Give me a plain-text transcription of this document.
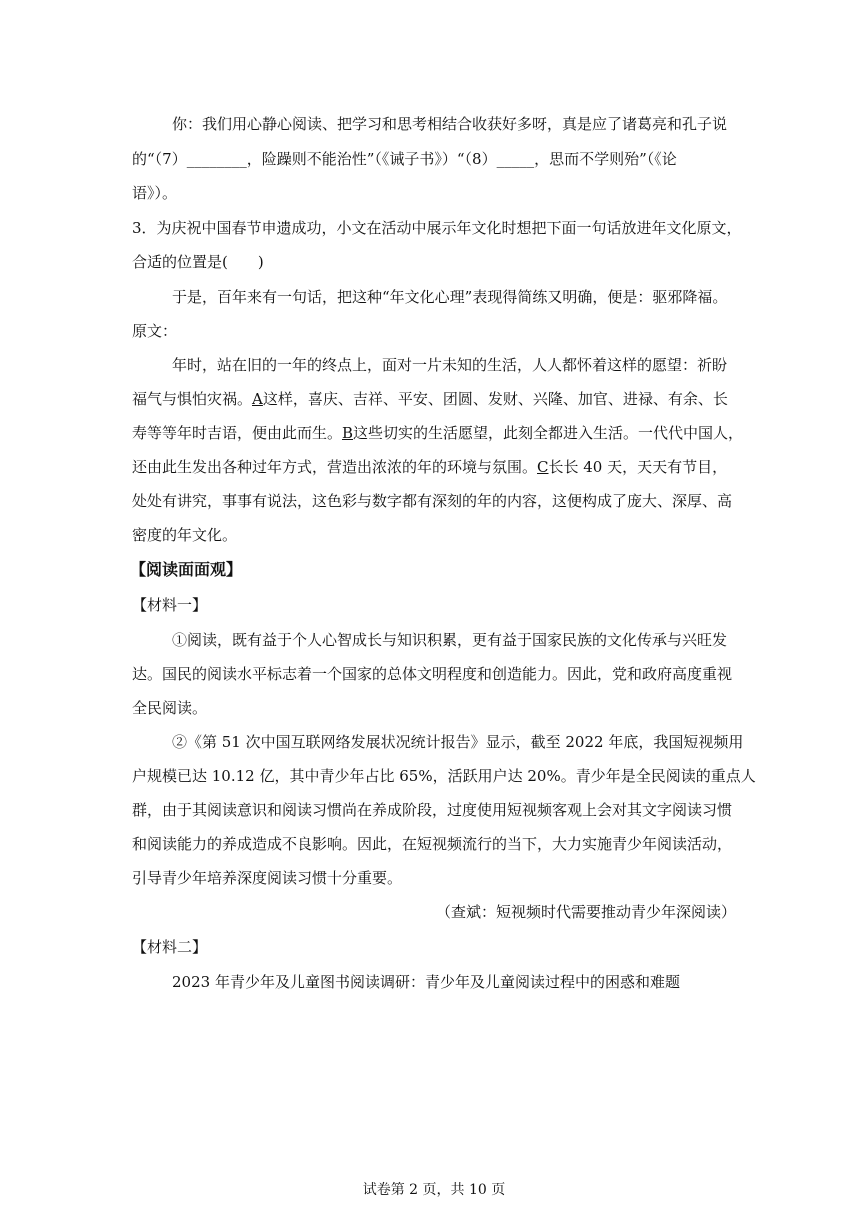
你：我们用心静心阅读、把学习和思考相结合收获好多呀，真是应了诸葛亮和孔子说
的“（7）________，险躁则不能治性”（《诫子书》）“（8）_____，思而不学则殆”（《论
语》）。
3．为庆祝中国春节申遗成功，小文在活动中展示年文化时想把下面一句话放进年文化原文，
合适的位置是(　　)
于是，百年来有一句话，把这种“年文化心理”表现得简练又明确，便是：驱邪降福。
原文：
年时，站在旧的一年的终点上，面对一片未知的生活，人人都怀着这样的愿望：祈盼
福气与惧怕灾祸。A这样，喜庆、吉祥、平安、团圆、发财、兴隆、加官、进禄、有余、长
寿等等年时吉语，便由此而生。B这些切实的生活愿望，此刻全都进入生活。一代代中国人，
还由此生发出各种过年方式，营造出浓浓的年的环境与氛围。C长长 40 天，天天有节目，
处处有讲究，事事有说法，这色彩与数字都有深刻的年的内容，这便构成了庞大、深厚、高
密度的年文化。
【阅读面面观】
【材料一】
①阅读，既有益于个人心智成长与知识积累，更有益于国家民族的文化传承与兴旺发
达。国民的阅读水平标志着一个国家的总体文明程度和创造能力。因此，党和政府高度重视
全民阅读。
②《第 51 次中国互联网络发展状况统计报告》显示，截至 2022 年底，我国短视频用
户规模已达 10.12 亿，其中青少年占比 65%，活跃用户达 20%。青少年是全民阅读的重点人
群，由于其阅读意识和阅读习惯尚在养成阶段，过度使用短视频客观上会对其文字阅读习惯
和阅读能力的养成造成不良影响。因此，在短视频流行的当下，大力实施青少年阅读活动，
引导青少年培养深度阅读习惯十分重要。
（查斌：短视频时代需要推动青少年深阅读）
【材料二】
2023 年青少年及儿童图书阅读调研：青少年及儿童阅读过程中的困惑和难题
试卷第 2 页，共 10 页
